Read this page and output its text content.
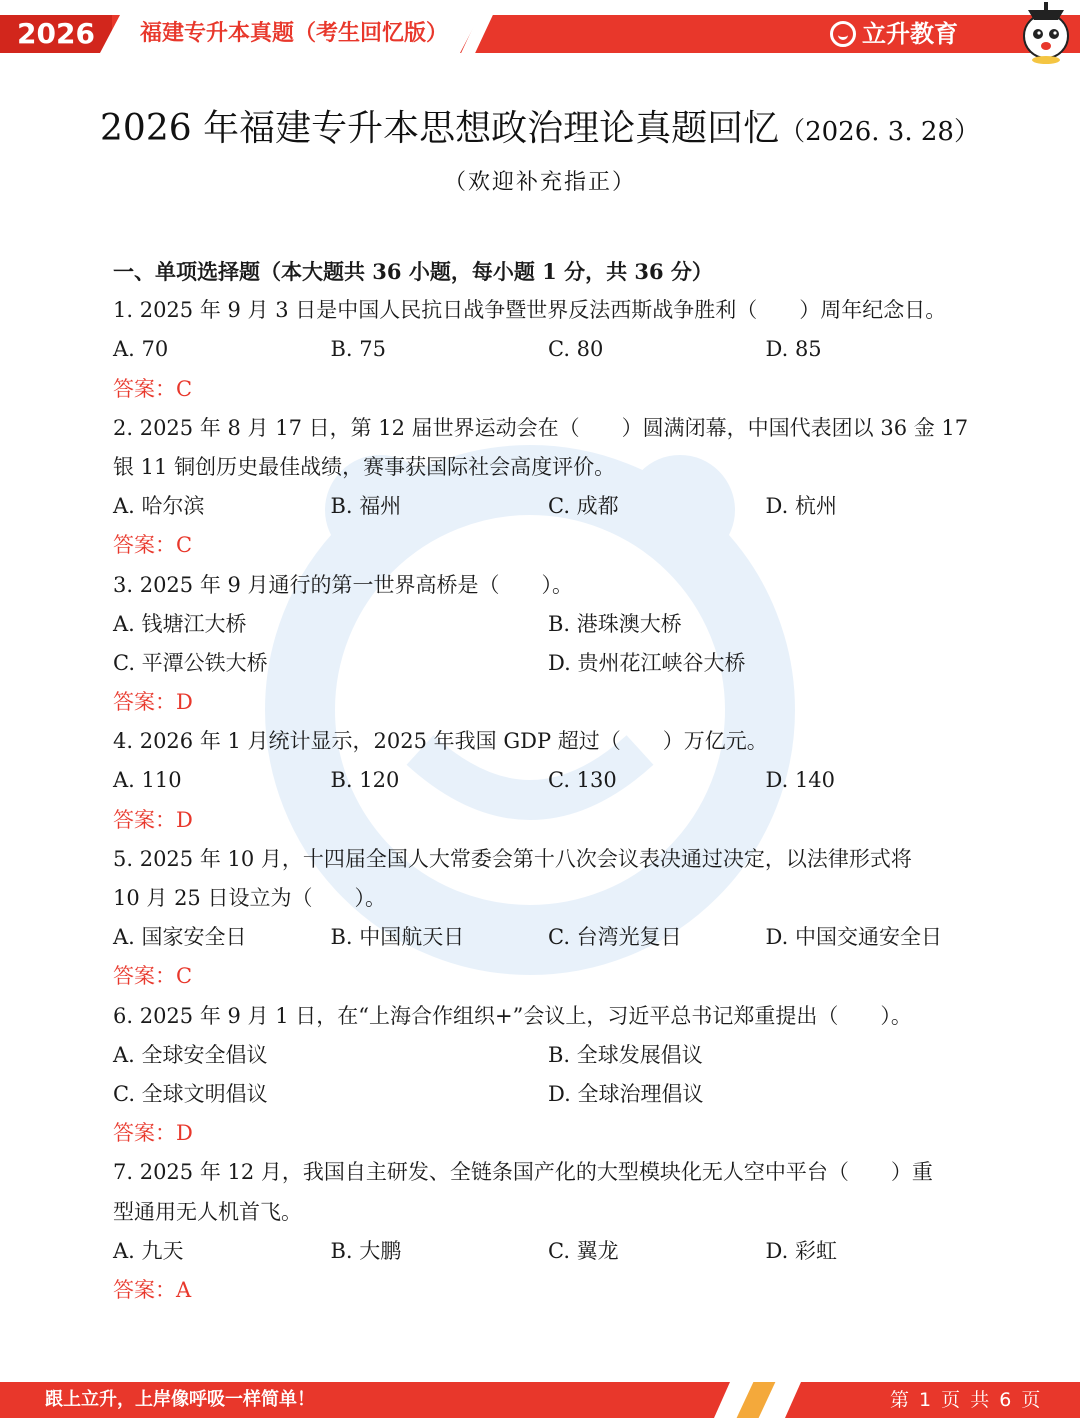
2026	福建专升本真题（考生回忆版）	立升教育
2026 年福建专升本思想政治理论真题回忆（2026. 3. 28）
（欢迎补充指正）
一、单项选择题（本大题共 36 小题，每小题 1 分，共 36 分）
1. 2025 年 9 月 3 日是中国人民抗日战争暨世界反法西斯战争胜利（　　）周年纪念日。
A. 70	B. 75	C. 80	D. 85
答案：C
2. 2025 年 8 月 17 日，第 12 届世界运动会在（　　）圆满闭幕，中国代表团以 36 金 17
银 11 铜创历史最佳战绩，赛事获国际社会高度评价。
A. 哈尔滨	B. 福州	C. 成都	D. 杭州
答案：C
3. 2025 年 9 月通行的第一世界高桥是（　　）。
A. 钱塘江大桥	B. 港珠澳大桥
C. 平潭公铁大桥	D. 贵州花江峡谷大桥
答案：D
4. 2026 年 1 月统计显示，2025 年我国 GDP 超过（　　）万亿元。
A. 110	B. 120	C. 130	D. 140
答案：D
5. 2025 年 10 月，十四届全国人大常委会第十八次会议表决通过决定，以法律形式将
10 月 25 日设立为（　　）。
A. 国家安全日	B. 中国航天日	C. 台湾光复日	D. 中国交通安全日
答案：C
6. 2025 年 9 月 1 日，在“上海合作组织+”会议上，习近平总书记郑重提出（　　）。
A. 全球安全倡议	B. 全球发展倡议
C. 全球文明倡议	D. 全球治理倡议
答案：D
7. 2025 年 12 月，我国自主研发、全链条国产化的大型模块化无人空中平台（　　）重
型通用无人机首飞。
A. 九天	B. 大鹏	C. 翼龙	D. 彩虹
答案：A
跟上立升，上岸像呼吸一样简单！	第 1 页 共 6 页
